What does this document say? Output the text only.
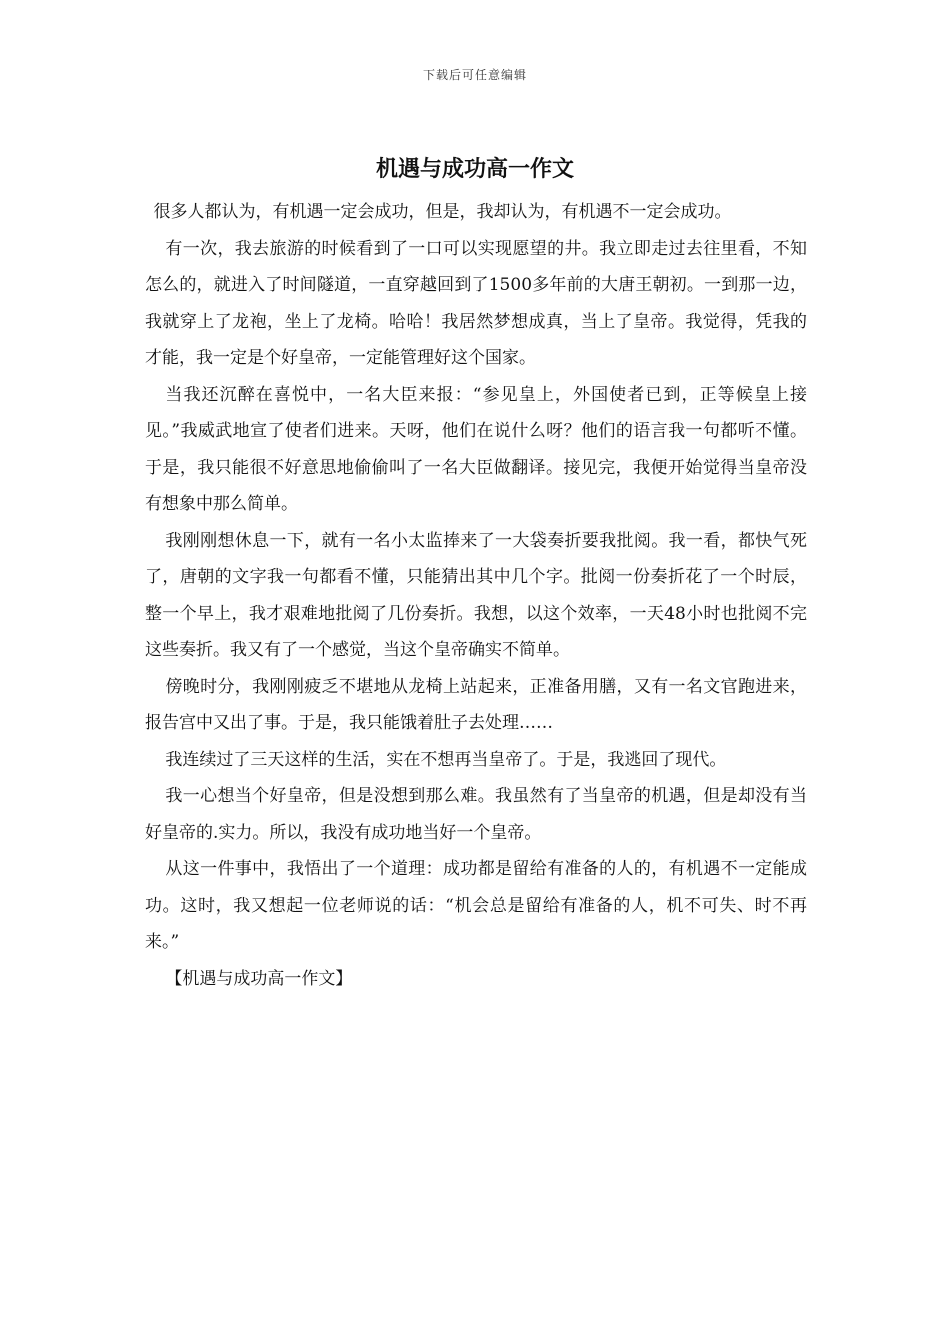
下载后可任意编辑
机遇与成功高一作文

很多人都认为，有机遇一定会成功，但是，我却认为，有机遇不一定会成功。

有一次，我去旅游的时候看到了一口可以实现愿望的井。我立即走过去往里看，不知怎么的，就进入了时间隧道，一直穿越回到了1500多年前的大唐王朝初。一到那一边，我就穿上了龙袍，坐上了龙椅。哈哈！我居然梦想成真，当上了皇帝。我觉得，凭我的才能，我一定是个好皇帝，一定能管理好这个国家。

当我还沉醉在喜悦中，一名大臣来报：“参见皇上，外国使者已到，正等候皇上接见。”我威武地宣了使者们进来。天呀，他们在说什么呀？他们的语言我一句都听不懂。于是，我只能很不好意思地偷偷叫了一名大臣做翻译。接见完，我便开始觉得当皇帝没有想象中那么简单。

我刚刚想休息一下，就有一名小太监捧来了一大袋奏折要我批阅。我一看，都快气死了，唐朝的文字我一句都看不懂，只能猜出其中几个字。批阅一份奏折花了一个时辰，整一个早上，我才艰难地批阅了几份奏折。我想，以这个效率，一天48小时也批阅不完这些奏折。我又有了一个感觉，当这个皇帝确实不简单。

傍晚时分，我刚刚疲乏不堪地从龙椅上站起来，正准备用膳，又有一名文官跑进来，报告宫中又出了事。于是，我只能饿着肚子去处理……

我连续过了三天这样的生活，实在不想再当皇帝了。于是，我逃回了现代。

我一心想当个好皇帝，但是没想到那么难。我虽然有了当皇帝的机遇，但是却没有当好皇帝的.实力。所以，我没有成功地当好一个皇帝。

从这一件事中，我悟出了一个道理：成功都是留给有准备的人的，有机遇不一定能成功。这时，我又想起一位老师说的话：“机会总是留给有准备的人，机不可失、时不再来。”

【机遇与成功高一作文】
